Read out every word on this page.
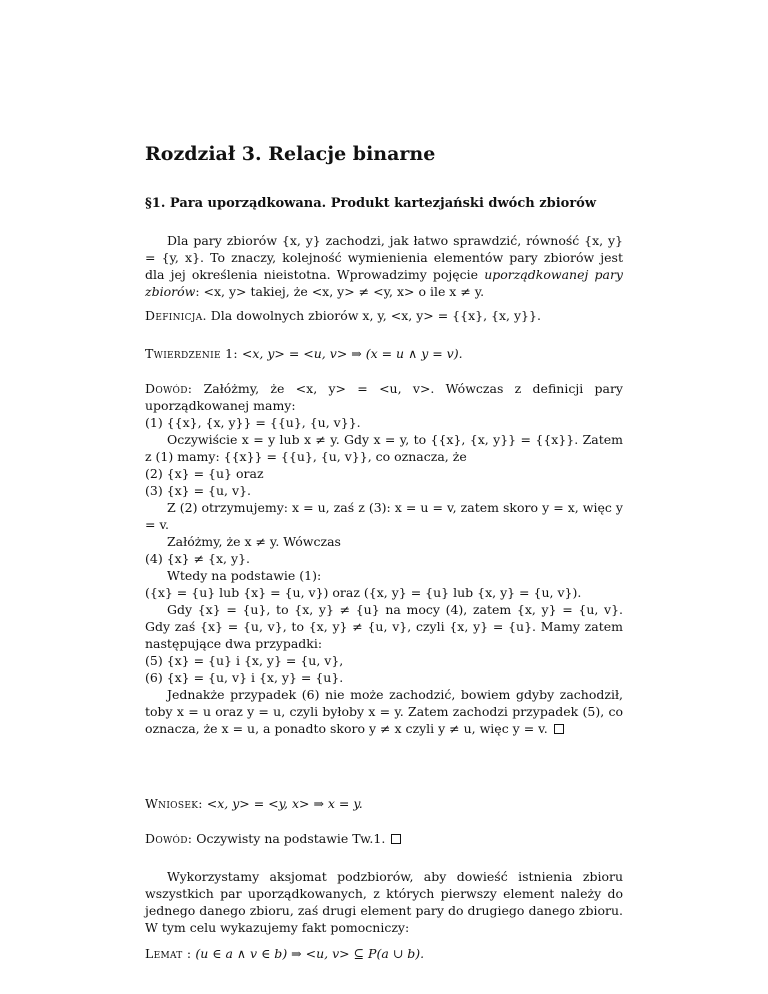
Rozdział 3. Relacje binarne
§1. Para uporządkowana. Produkt kartezjański dwóch zbiorów
Dla pary zbiorów {x, y} zachodzi, jak łatwo sprawdzić, równość {x, y} = {y, x}. To znaczy, kolejność wymienienia elementów pary zbiorów jest dla jej określenia nieistotna. Wprowadzimy pojęcie uporządkowanej pary zbiorów: <x, y> takiej, że <x, y> ≠ <y, x> o ile x ≠ y.
Definicja. Dla dowolnych zbiorów x, y, <x, y> = {{x}, {x, y}}.
Twierdzenie 1: <x, y> = <u, v> ⇒ (x = u ∧ y = v).
Dowód: Załóżmy, że <x, y> = <u, v>. Wówczas z definicji pary uporządkowanej mamy:
(1) {{x}, {x, y}} = {{u}, {u, v}}.
Oczywiście x = y lub x ≠ y. Gdy x = y, to {{x}, {x, y}} = {{x}}. Zatem z (1) mamy: {{x}} = {{u}, {u, v}}, co oznacza, że
(2) {x} = {u} oraz
(3) {x} = {u, v}.
Z (2) otrzymujemy: x = u, zaś z (3): x = u = v, zatem skoro y = x, więc y = v.
Załóżmy, że x ≠ y. Wówczas
(4) {x} ≠ {x, y}.
Wtedy na podstawie (1):
({x} = {u} lub {x} = {u, v}) oraz ({x, y} = {u} lub {x, y} = {u, v}).
Gdy {x} = {u}, to {x, y} ≠ {u} na mocy (4), zatem {x, y} = {u, v}. Gdy zaś {x} = {u, v}, to {x, y} ≠ {u, v}, czyli {x, y} = {u}. Mamy zatem następujące dwa przypadki:
(5) {x} = {u} i {x, y} = {u, v},
(6) {x} = {u, v} i {x, y} = {u}.
Jednakże przypadek (6) nie może zachodzić, bowiem gdyby zachodził, toby x = u oraz y = u, czyli byłoby x = y. Zatem zachodzi przypadek (5), co oznacza, że x = u, a ponadto skoro y ≠ x czyli y ≠ u, więc y = v.
Wniosek: <x, y> = <y, x> ⇒ x = y.
Dowód: Oczywisty na podstawie Tw.1.
Wykorzystamy aksjomat podzbiorów, aby dowieść istnienia zbioru wszystkich par uporządkowanych, z których pierwszy element należy do jednego danego zbioru, zaś drugi element pary do drugiego danego zbioru. W tym celu wykazujemy fakt pomocniczy:
Lemat : (u ∈ a ∧ v ∈ b) ⇒ <u, v> ⊆ P(a ∪ b).
